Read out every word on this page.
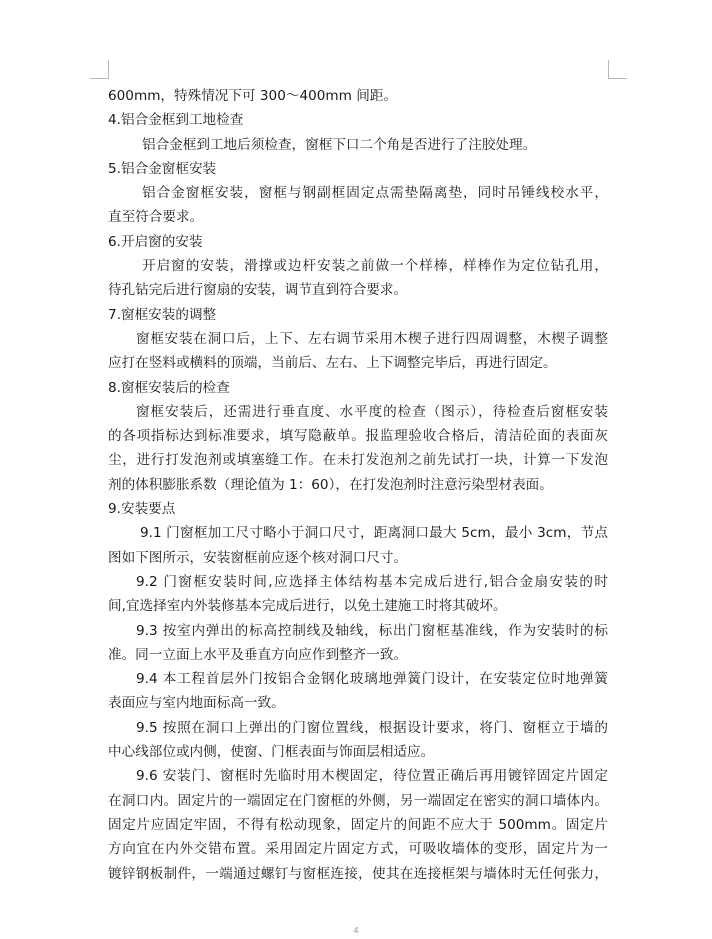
600mm，特殊情况下可 300～400mm 间距。
4.铝合金框到工地检查
铝合金框到工地后须检查，窗框下口二个角是否进行了注胶处理。
5.铝合金窗框安装
铝合金窗框安装，窗框与钢副框固定点需垫隔离垫，同时吊锤线校水平，
直至符合要求。
6.开启窗的安装
开启窗的安装，滑撑或边杆安装之前做一个样棒，样棒作为定位钻孔用，
待孔钻完后进行窗扇的安装，调节直到符合要求。
7.窗框安装的调整
窗框安装在洞口后，上下、左右调节采用木楔子进行四周调整，木楔子调整
应打在竖料或横料的顶端，当前后、左右、上下调整完毕后，再进行固定。
8.窗框安装后的检查
窗框安装后，还需进行垂直度、水平度的检查（图示），待检查后窗框安装
的各项指标达到标准要求，填写隐蔽单。报监理验收合格后，清洁砼面的表面灰
尘，进行打发泡剂或填塞缝工作。在未打发泡剂之前先试打一块，计算一下发泡
剂的体积膨胀系数（理论值为 1：60），在打发泡剂时注意污染型材表面。
9.安装要点
9.1 门窗框加工尺寸略小于洞口尺寸，距离洞口最大 5cm，最小 3cm，节点
图如下图所示，安装窗框前应逐个核对洞口尺寸。
9.2 门窗框安装时间,应选择主体结构基本完成后进行,铝合金扇安装的时
间,宜选择室内外装修基本完成后进行，以免土建施工时将其破坏。
9.3 按室内弹出的标高控制线及轴线，标出门窗框基准线，作为安装时的标
准。同一立面上水平及垂直方向应作到整齐一致。
9.4 本工程首层外门按铝合金钢化玻璃地弹簧门设计，在安装定位时地弹簧
表面应与室内地面标高一致。
9.5 按照在洞口上弹出的门窗位置线，根据设计要求，将门、窗框立于墙的
中心线部位或内侧，使窗、门框表面与饰面层相适应。
9.6 安装门、窗框时先临时用木楔固定，待位置正确后再用镀锌固定片固定
在洞口内。固定片的一端固定在门窗框的外侧，另一端固定在密实的洞口墙体内。
固定片应固定牢固，不得有松动现象，固定片的间距不应大于 500mm。固定片
方向宜在内外交错布置。采用固定片固定方式，可吸收墙体的变形，固定片为一
镀锌钢板制件，一端通过螺钉与窗框连接，使其在连接框架与墙体时无任何张力，
4
